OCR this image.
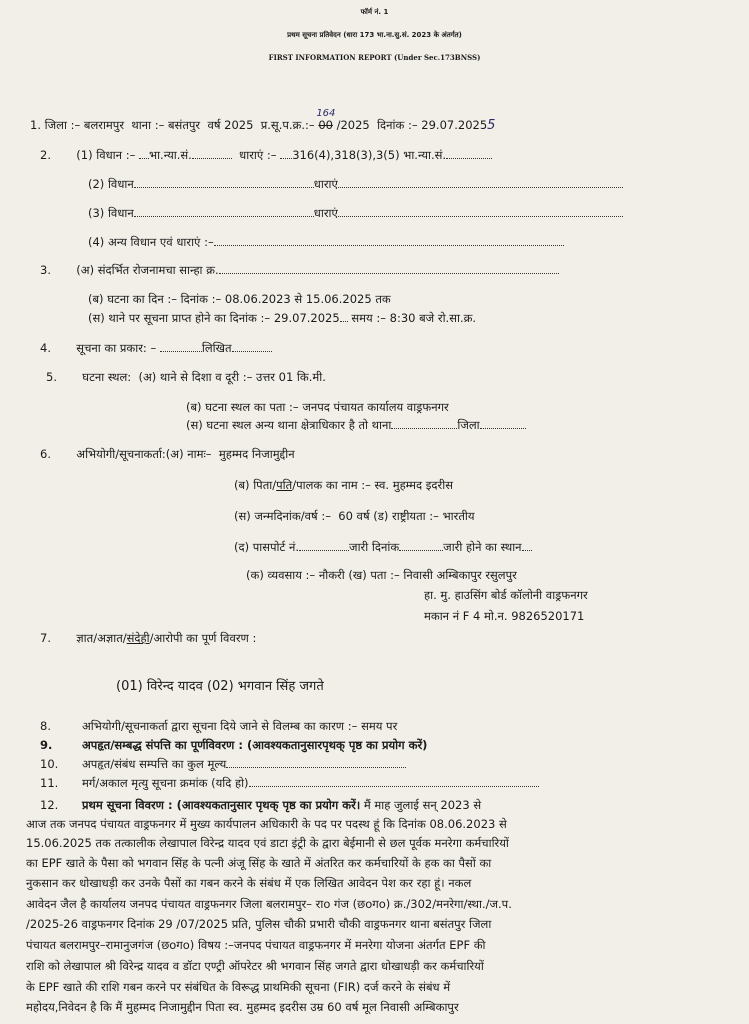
फॉर्म नं. 1
प्रथम सूचना प्रतिवेदन (धारा 173 भा.ना.सु.सं. 2023 के अंतर्गत)
FIRST INFORMATION REPORT (Under Sec.173BNSS)
1. जिला :– बलरामपुर थाना :– बसंतपुर वर्ष 2025 प्र.सू.प.क्र.:– 00
164
/2025 दिनांक :– 29.07.20255
2. (1) विधान :– भा.न्या.सं.	धाराएं :– 316(4),318(3),3(5) भा.न्या.सं.
(2) विधान	धाराएं
(3) विधान	धाराएं
(4) अन्य विधान एवं धाराएं :–
3. (अ) संदर्भित रोजनामचा सान्हा क्र.
(ब) घटना का दिन :– दिनांक :– 08.06.2023 से 15.06.2025 तक
(स) थाने पर सूचना प्राप्त होने का दिनांक :– 29.07.2025 समय :– 8:30 बजे रो.सा.क्र.
4. सूचना का प्रकार: –	लिखित
5. घटना स्थल: (अ) थाने से दिशा व दूरी :– उत्तर 01 कि.मी.
(ब) घटना स्थल का पता :– जनपद पंचायत कार्यालय वाड्रफनगर
(स) घटना स्थल अन्य थाना क्षेत्राधिकार है तो थाना	जिला
6. अभियोगी/सूचनाकर्ता:(अ) नामः– मुहम्मद निजामुद्दीन
(ब) पिता/पति/पालक का नाम :– स्व. मुहम्मद इदरीस
(स) जन्मदिनांक/वर्ष :– 60 वर्ष (ड) राष्ट्रीयता :– भारतीय
(द) पासपोर्ट नं.	जारी दिनांक	जारी होने का स्थान
(क) व्यवसाय :– नौकरी (ख) पता :– निवासी अम्बिकापुर रसुलपुर
हा. मु. हाउसिंग बोर्ड कॉलोनी वाड्रफनगर
मकान नं F 4 मो.न. 9826520171
7. ज्ञात/अज्ञात/संदेही/आरोपी का पूर्ण विवरण :
(01) विरेन्द यादव (02) भगवान सिंह जगते
8.	अभियोगी/सूचनाकर्ता द्वारा सूचना दिये जाने से विलम्ब का कारण :– समय पर
9.	अपहृत/सम्बद्ध संपत्ति का पूर्णविवरण : (आवश्यकतानुसारपृथक् पृष्ठ का प्रयोग करें)
10. अपहृत/संबंध सम्पत्ति का कुल मूल्य
11. मर्ग/अकाल मृत्यु सूचना क्रमांक (यदि हो)
12. प्रथम सूचना विवरण : (आवश्यकतानुसार पृथक् पृष्ठ का प्रयोग करें। मैं माह जुलाई सन् 2023 से
आज तक जनपद पंचायत वाड्रफनगर में मुख्य कार्यपालन अधिकारी के पद पर पदस्थ हूं कि दिनांक 08.06.2023 से
15.06.2025 तक तत्कालीक लेखापाल विरेन्द्र यादव एवं डाटा इंट्री के द्वारा बेईमानी से छल पूर्वक मनरेगा कर्मचारियों
का EPF खाते के पैसा को भगवान सिंह के पत्नी अंजू सिंह के खाते में अंतरित कर कर्मचारियों के हक का पैसों का
नुकसान कर धोखाधड़ी कर उनके पैसों का गबन करने के संबंध में एक लिखित आवेदन पेश कर रहा हूं। नकल
आवेदन जैल है कार्यालय जनपद पंचायत वाड्रफनगर जिला बलरामपुर– राo गंज (छoगo) क्र./302/मनरेगा/स्था./ज.प.
/2025-26 वाड्रफनगर दिनांक 29 /07/2025 प्रति, पुलिस चौकी प्रभारी चौकी वाड्रफनगर थाना बसंतपुर जिला
पंचायत बलरामपुर–रामानुजगंज (छoगo) विषय :–जनपद पंचायत वाड्रफनगर में मनरेगा योजना अंतर्गत EPF की
राशि को लेखापाल श्री विरेन्द्र यादव व डॉटा एण्ट्री ऑपरेटर श्री भगवान सिंह जगते द्वारा धोखाधड़ी कर कर्मचारियों
के EPF खाते की राशि गबन करने पर संबंधित के विरूद्ध प्राथमिकी सूचना (FIR) दर्ज करने के संबंध में
महोदय,निवेदन है कि मैं मुहम्मद निजामुद्दीन पिता स्व. मुहम्मद इदरीस उम्र 60 वर्ष मूल निवासी अम्बिकापुर
